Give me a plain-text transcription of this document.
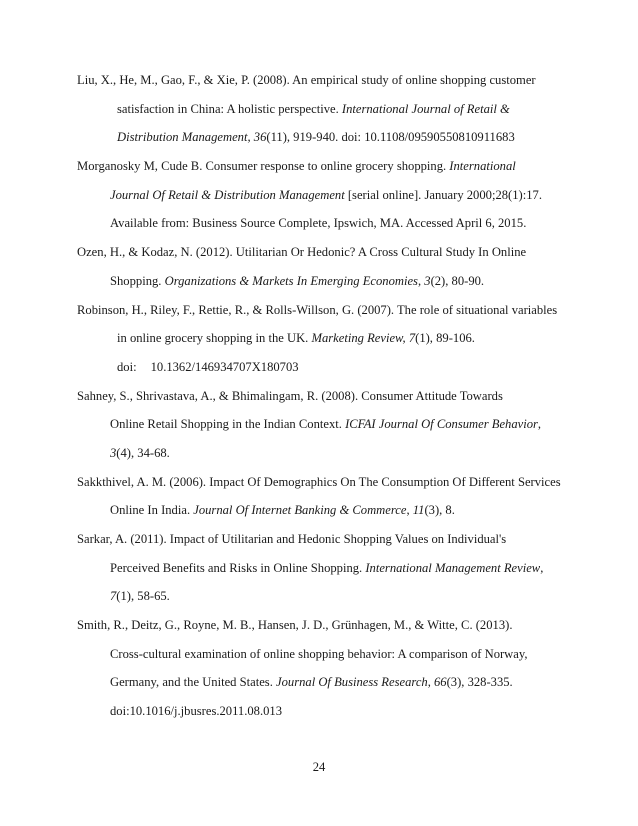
Liu, X., He, M., Gao, F., & Xie, P. (2008). An empirical study of online shopping customer
satisfaction in China: A holistic perspective. International Journal of Retail &
Distribution Management, 36(11), 919-940. doi: 10.1108/09590550810911683
Morganosky M, Cude B. Consumer response to online grocery shopping. International
Journal Of Retail & Distribution Management [serial online]. January 2000;28(1):17.
Available from: Business Source Complete, Ipswich, MA. Accessed April 6, 2015.
Ozen, H., & Kodaz, N. (2012). Utilitarian Or Hedonic? A Cross Cultural Study In Online
Shopping. Organizations & Markets In Emerging Economies, 3(2), 80-90.
Robinson, H., Riley, F., Rettie, R., & Rolls-Willson, G. (2007). The role of situational variables
in online grocery shopping in the UK. Marketing Review, 7(1), 89-106.
doi: 10.1362/146934707X180703
Sahney, S., Shrivastava, A., & Bhimalingam, R. (2008). Consumer Attitude Towards
Online Retail Shopping in the Indian Context. ICFAI Journal Of Consumer Behavior,
3(4), 34-68.
Sakkthivel, A. M. (2006). Impact Of Demographics On The Consumption Of Different Services
Online In India. Journal Of Internet Banking & Commerce, 11(3), 8.
Sarkar, A. (2011). Impact of Utilitarian and Hedonic Shopping Values on Individual's
Perceived Benefits and Risks in Online Shopping. International Management Review,
7(1), 58-65.
Smith, R., Deitz, G., Royne, M. B., Hansen, J. D., Grünhagen, M., & Witte, C. (2013).
Cross-cultural examination of online shopping behavior: A comparison of Norway,
Germany, and the United States. Journal Of Business Research, 66(3), 328-335.
doi:10.1016/j.jbusres.2011.08.013
24
